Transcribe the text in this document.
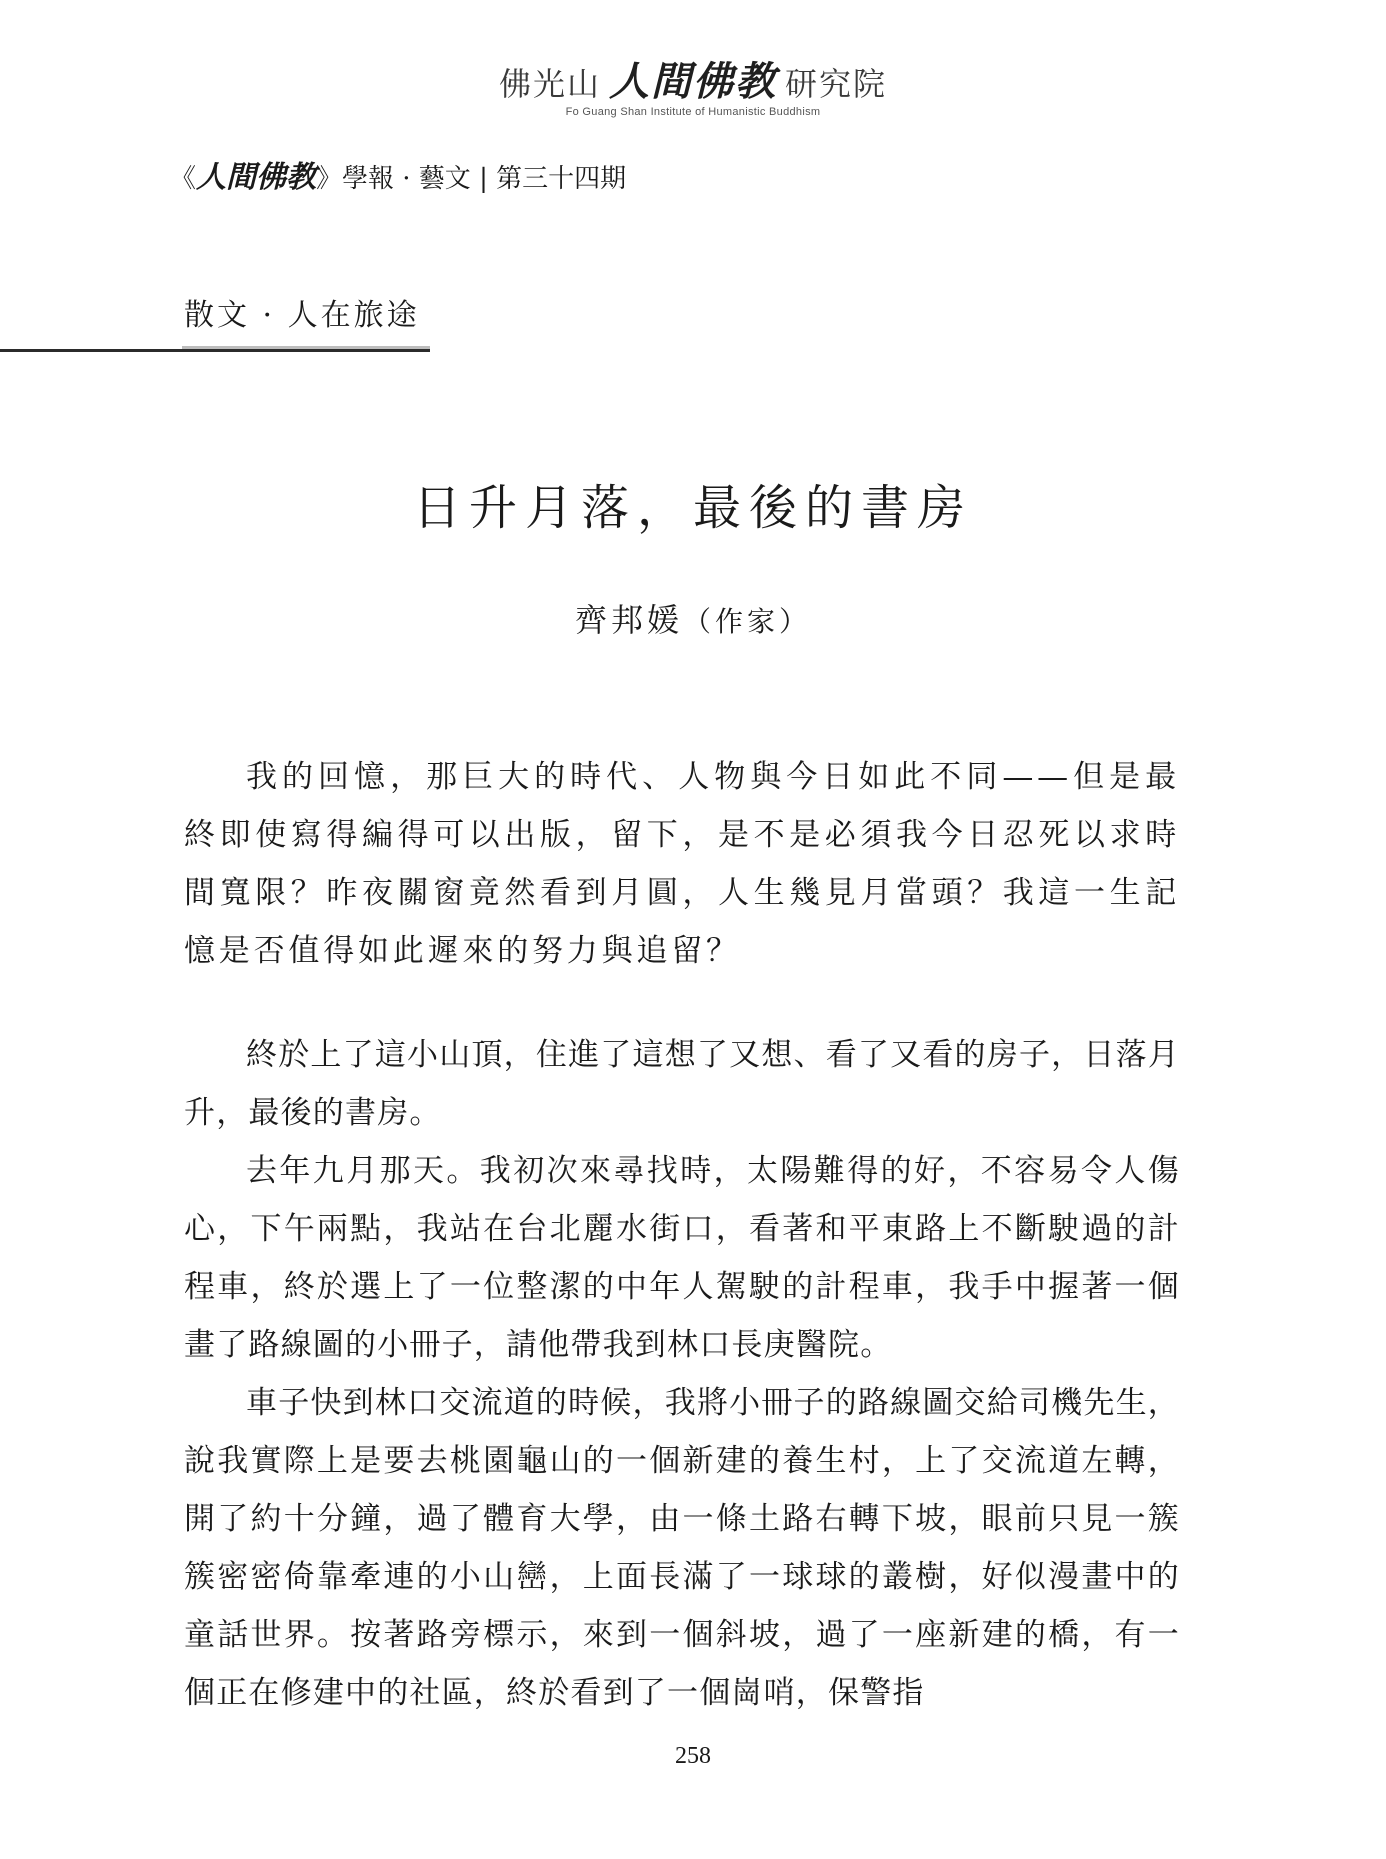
佛光山 人間佛教 研究院
Fo Guang Shan Institute of Humanistic Buddhism
《人間佛教》學報 · 藝文 | 第三十四期
散文 · 人在旅途
日升月落，最後的書房
齊邦媛（作家）

我的回憶，那巨大的時代、人物與今日如此不同——但是最終即使寫得編得可以出版，留下，是不是必須我今日忍死以求時間寬限？昨夜關窗竟然看到月圓，人生幾見月當頭？我這一生記憶是否值得如此遲來的努力與追留？

終於上了這小山頂，住進了這想了又想、看了又看的房子，日落月升，最後的書房。

去年九月那天。我初次來尋找時，太陽難得的好，不容易令人傷心，下午兩點，我站在台北麗水街口，看著和平東路上不斷駛過的計程車，終於選上了一位整潔的中年人駕駛的計程車，我手中握著一個畫了路線圖的小冊子，請他帶我到林口長庚醫院。

車子快到林口交流道的時候，我將小冊子的路線圖交給司機先生，說我實際上是要去桃園龜山的一個新建的養生村，上了交流道左轉，開了約十分鐘，過了體育大學，由一條土路右轉下坡，眼前只見一簇簇密密倚靠牽連的小山巒，上面長滿了一球球的叢樹，好似漫畫中的童話世界。按著路旁標示，來到一個斜坡，過了一座新建的橋，有一個正在修建中的社區，終於看到了一個崗哨，保警指

258
